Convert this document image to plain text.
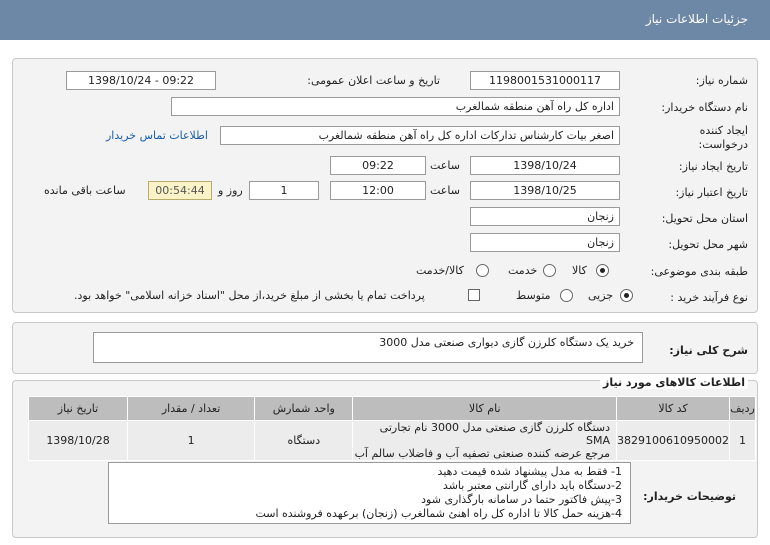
جزئیات اطلاعات نیاز
شماره نیاز:
1198001531000117
تاریخ و ساعت اعلان عمومی:
1398/10/24 - 09:22
نام دستگاه خریدار:
اداره کل راه آهن منطقه شمالغرب
ایجاد کننده درخواست:
اصغر بیات کارشناس تدارکات اداره کل راه آهن منطقه شمالغرب
اطلاعات تماس خریدار
تاریخ ایجاد نیاز:
1398/10/24
ساعت
09:22
تاریخ اعتبار نیاز:
1398/10/25
ساعت
12:00
1
روز و
00:54:44
ساعت باقی مانده
استان محل تحویل:
زنجان
شهر محل تحویل:
زنجان
طبقه بندی موضوعی:
کالا
خدمت
کالا/خدمت
نوع فرآیند خرید :
جزیی
متوسط
پرداخت تمام یا بخشی از مبلغ خرید،از محل "اسناد خزانه اسلامی" خواهد بود.
شرح کلی نیاز:
خرید یک دستگاه کلرزن گازی دیواری صنعتی مدل 3000
اطلاعات کالاهای مورد نیاز
ردیف	کد کالا	نام کالا	واحد شمارش	تعداد / مقدار	تاریخ نیاز
1	3829100610950002	دستگاه کلرزن گازی صنعتی مدل 3000 نام تجارتی SMA
مرجع عرضه کننده صنعتی تصفیه آب و فاضلاب سالم آب	دستگاه	1	1398/10/28
توضیحات خریدار:
1- فقط به مدل پیشنهاد شده قیمت دهید
2-دستگاه باید دارای گارانتی معتبر باشد
3-پیش فاکتور حتما در سامانه بارگذاری شود
4-هزینه حمل کالا تا اداره کل راه اهنئ شمالغرب (زنجان) برعهده فروشنده است
